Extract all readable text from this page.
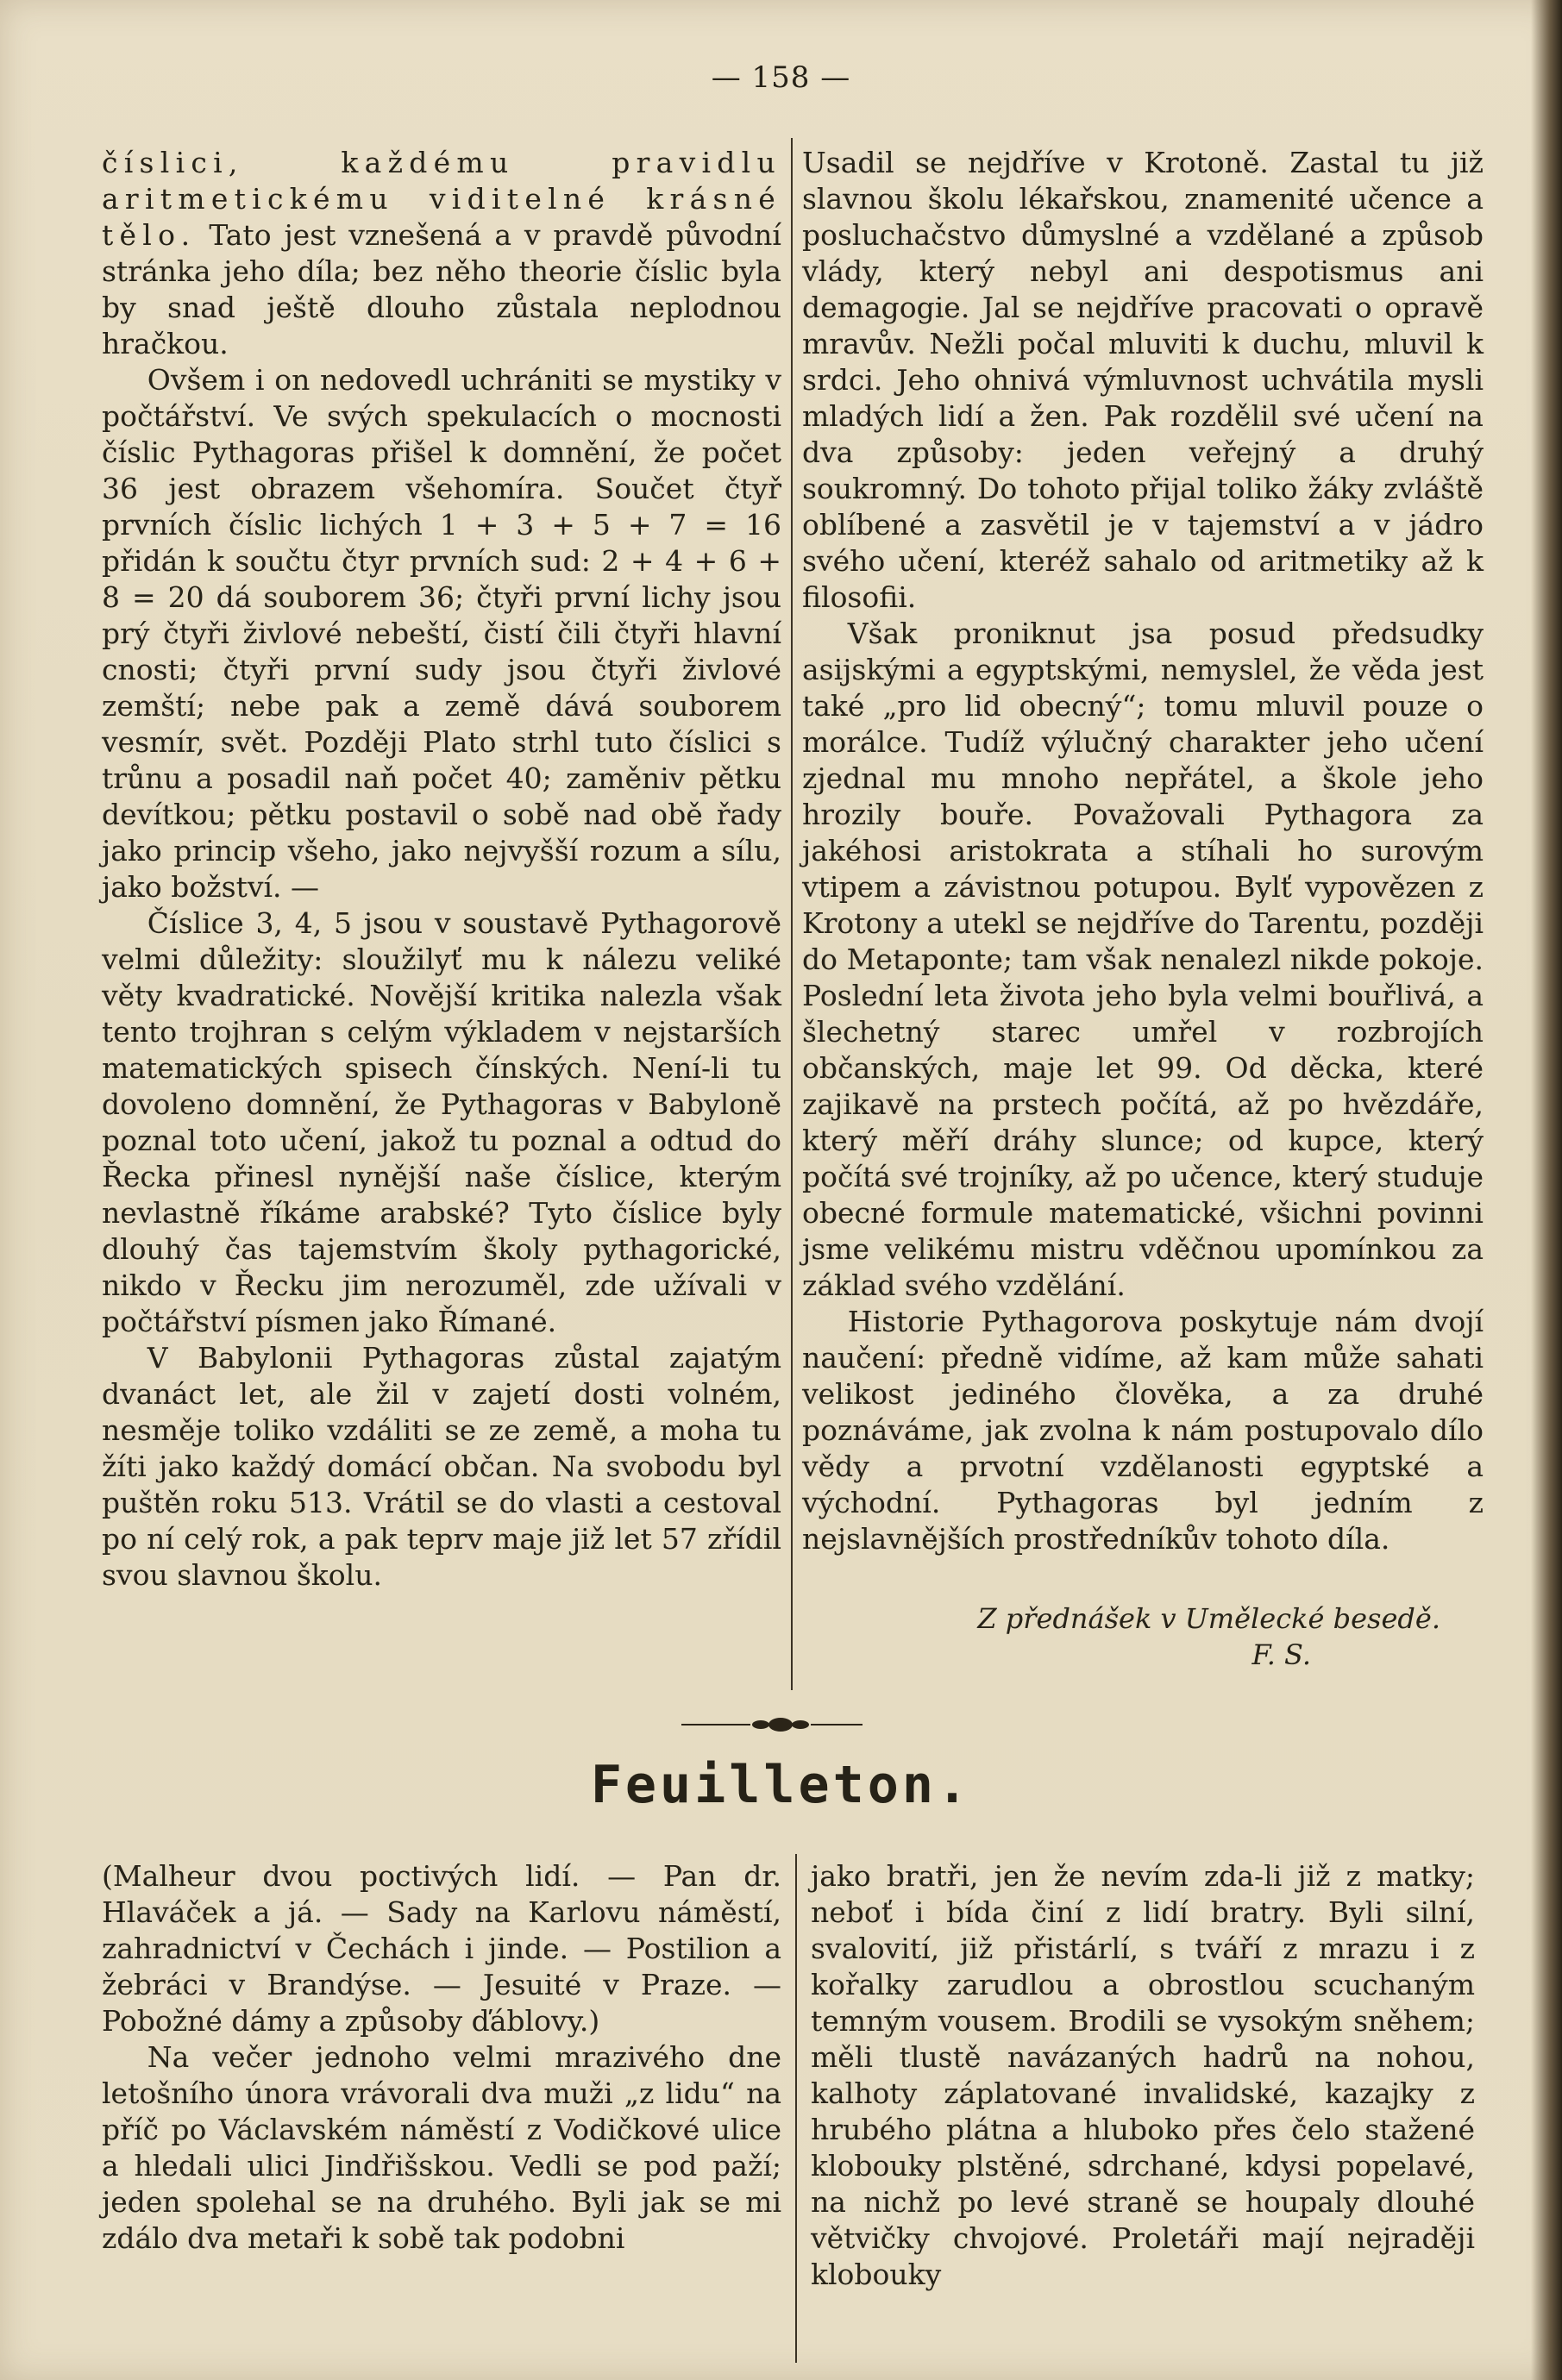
— 158 —

číslici, každému pravidlu aritmetickému viditelné krásné tělo. Tato jest vznešená a v pravdě původní stránka jeho díla; bez něho theorie číslic byla by snad ještě dlouho zůstala neplodnou hračkou.

Ovšem i on nedovedl uchrániti se mystiky v počtářství. Ve svých spekulacích o mocnosti číslic Pythagoras přišel k domnění, že počet 36 jest obrazem všehomíra. Součet čtyř prvních číslic lichých 1 + 3 + 5 + 7 = 16 přidán k součtu čtyr prvních sud: 2 + 4 + 6 + 8 = 20 dá souborem 36; čtyři první lichy jsou prý čtyři živlové nebeští, čistí čili čtyři hlavní cnosti; čtyři první sudy jsou čtyři živlové zemští; nebe pak a země dává souborem vesmír, svět. Později Plato strhl tuto číslici s trůnu a posadil naň počet 40; zaměniv pětku devítkou; pětku postavil o sobě nad obě řady jako princip všeho, jako nejvyšší rozum a sílu, jako božství. —

Číslice 3, 4, 5 jsou v soustavě Pythagorově velmi důležity: sloužilyť mu k nálezu veliké věty kvadratické. Novější kritika nalezla však tento trojhran s celým výkladem v nejstarších matematických spisech čínských. Není-li tu dovoleno domnění, že Pythagoras v Babyloně poznal toto učení, jakož tu poznal a odtud do Řecka přinesl nynější naše číslice, kterým nevlastně říkáme arabské? Tyto číslice byly dlouhý čas tajemstvím školy pythagorické, nikdo v Řecku jim nerozuměl, zde užívali v počtářství písmen jako Římané.

V Babylonii Pythagoras zůstal zajatým dvanáct let, ale žil v zajetí dosti volném, nesměje toliko vzdáliti se ze země, a moha tu žíti jako každý domácí občan. Na svobodu byl puštěn roku 513. Vrátil se do vlasti a cestoval po ní celý rok, a pak teprv maje již let 57 zřídil svou slavnou školu.

Usadil se nejdříve v Krotoně. Zastal tu již slavnou školu lékařskou, znamenité učence a posluchačstvo důmyslné a vzdělané a způsob vlády, který nebyl ani despotismus ani demagogie. Jal se nejdříve pracovati o opravě mravův. Nežli počal mluviti k duchu, mluvil k srdci. Jeho ohnivá výmluvnost uchvátila mysli mladých lidí a žen. Pak rozdělil své učení na dva způsoby: jeden veřejný a druhý soukromný. Do tohoto přijal toliko žáky zvláště oblíbené a zasvětil je v tajemství a v jádro svého učení, kteréž sahalo od aritmetiky až k filosofii.

Však proniknut jsa posud předsudky asijskými a egyptskými, nemyslel, že věda jest také „pro lid obecný“; tomu mluvil pouze o morálce. Tudíž výlučný charakter jeho učení zjednal mu mnoho nepřátel, a škole jeho hrozily bouře. Považovali Pythagora za jakéhosi aristokrata a stíhali ho surovým vtipem a závistnou potupou. Bylť vypovězen z Krotony a utekl se nejdříve do Tarentu, později do Metaponte; tam však nenalezl nikde pokoje. Poslední leta života jeho byla velmi bouřlivá, a šlechetný starec umřel v rozbrojích občanských, maje let 99. Od děcka, které zajikavě na prstech počítá, až po hvězdáře, který měří dráhy slunce; od kupce, který počítá své trojníky, až po učence, který studuje obecné formule matematické, všichni povinni jsme velikému mistru vděčnou upomínkou za základ svého vzdělání.

Historie Pythagorova poskytuje nám dvojí naučení: předně vidíme, až kam může sahati velikost jediného člověka, a za druhé poznáváme, jak zvolna k nám postupovalo dílo vědy a prvotní vzdělanosti egyptské a východní. Pythagoras byl jedním z nejslavnějších prostředníkův tohoto díla.

Z přednášek v Umělecké besedě.
F. S.
Feuilleton.

(Malheur dvou poctivých lidí. — Pan dr. Hlaváček a já. — Sady na Karlovu náměstí, zahradnictví v Čechách i jinde. — Postilion a žebráci v Brandýse. — Jesuité v Praze. — Pobožné dámy a způsoby ďáblovy.)

Na večer jednoho velmi mrazivého dne letošního února vrávorali dva muži „z lidu“ na příč po Václavském náměstí z Vodičkové ulice a hledali ulici Jindřišskou. Vedli se pod paží; jeden spolehal se na druhého. Byli jak se mi zdálo dva metaři k sobě tak podobni

jako bratři, jen že nevím zda-li již z matky; neboť i bída činí z lidí bratry. Byli silní, svalovití, již přistárlí, s tváří z mrazu i z kořalky zarudlou a obrostlou scuchaným temným vousem. Brodili se vysokým sněhem; měli tlustě navázaných hadrů na nohou, kalhoty záplatované invalidské, kazajky z hrubého plátna a hluboko přes čelo stažené klobouky plstěné, sdrchané, kdysi popelavé, na nichž po levé straně se houpaly dlouhé větvičky chvojové. Proletáři mají nejraději klobouky
